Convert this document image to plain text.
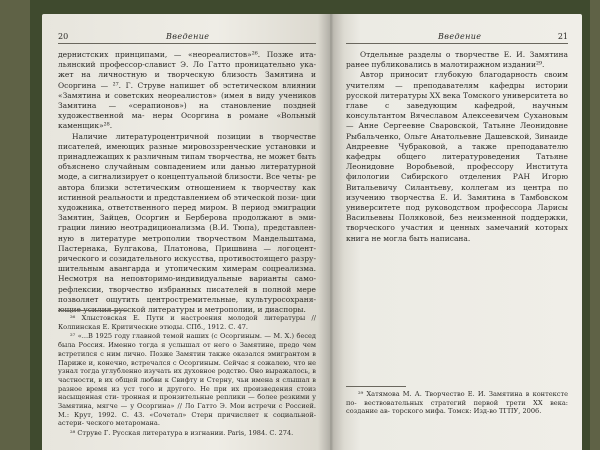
20	Введение

дернистских принципами, — «неореалистов»²⁶. Позже ита- льянский профессор-славист Э. Ло Гатто проницательно ука- жет на личностную и творческую близость Замятина и Осоргина — ²⁷. Г. Струве напишет об эстетическом влиянии «Замятина и советских неореалистов» (имея в виду учеников Замятина — «серапионов») на становление поздней художественной ма- неры Осоргина в романе «Вольный каменщик»²⁸.

Наличие литературоцентричной позиции в творчестве писателей, имеющих разные мировоззренческие установки и принадлежащих к различным типам творчества, не может быть объяснено случайным совпадением или данью литературной моде, а сигнализирует о концептуальной близости. Все четы- ре автора близки эстетическим отношением к творчеству как истинной реальности и представлением об этической пози- ции художника, ответственного перед миром. В период эмиграции Замятин, Зайцев, Осоргин и Берберова продолжают в эми- грации линию неотрадиционализма (В.И. Тюпа), представлен- ную в литературе метрополии творчеством Мандельштама, Пастернака, Булгакова, Платонова, Пришвина — логоцент- рического и созидательного искусства, противостоящего разру- шительным авангарда и утопическим химерам соцреализма. Несмотря на неповторимо-индивидуальные варианты само- рефлексии, творчество избранных писателей в полной мере позволяет ощутить центростремительные, культуросохраня- ющие усилия русской литературы и метрополии, и диаспоры.

²⁶ Хлыстовская Е. Пути и настроения молодой литературы // Колпинская Е. Критические этюды. СПб., 1912. С. 47.

²⁷ «...В 1925 году главной темой наших (с Осоргиным. — М. Х.) бесед была Россия. Именно тогда я услышал от него о Замятине, предо чем встретился с ним лично. Позже Замятин также оказался эмигрантом в Париже и, конечно, встречался с Осоргиным. Сейчас я сожалею, что не узнал тогда углубленно изучать их духовное родство. Оно выражалось, в частности, в их общей любви к Свифту и Стерну, чьи имена я слышал в разное время из уст того и другого. Не при их произведения стоиз насыщенная сти- тронная и пронзительные реплики — более резкими у Замятина, мягче — у Осоргина» // Ло Гатто Э. Мои встречи с Россией. М.: Крут, 1992. С. 43. «Сочетал» Стерн причисляет к социальной-астери- ческого метаромана.

²⁸ Струве Г. Русская литература в изгнании. Paris, 1984. С. 274.

Введение	21

Отдельные разделы о творчестве Е. И. Замятина ранее публиковались в малотиражном издании²⁹.

Автор приносит глубокую благодарность своим учителям — преподавателям кафедры истории русской литературы XX века Томского университета во главе с заведующим кафедрой, научным консультантом Вячеславом Алексеевичем Сухановым — Анне Сергеевне Сваровской, Татьяне Леонидовне Рыбальченко, Ольге Анатольевне Дашевской, Зинаиде Андреевне Чубраковой, а также преподавателю кафедры общего литературоведения Татьяне Леонидовне Воробьевой, профессору Института филологии Сибирского отделения РАН Игорю Витальевичу Силантьеву, коллегам из центра по изучению творчества Е. И. Замятина в Тамбовском университете под руководством профессора Ларисы Васильевны Поляковой, без неизменной поддержки, творческого участия и ценных замечаний которых книга не могла быть написана.

²⁹ Хатямова М. А. Творчество Е. И. Замятина в контексте по- вествовательных стратегий первой трети XX века: создание ав- торского мифа. Томск: Изд-во ТГПУ, 2006.
